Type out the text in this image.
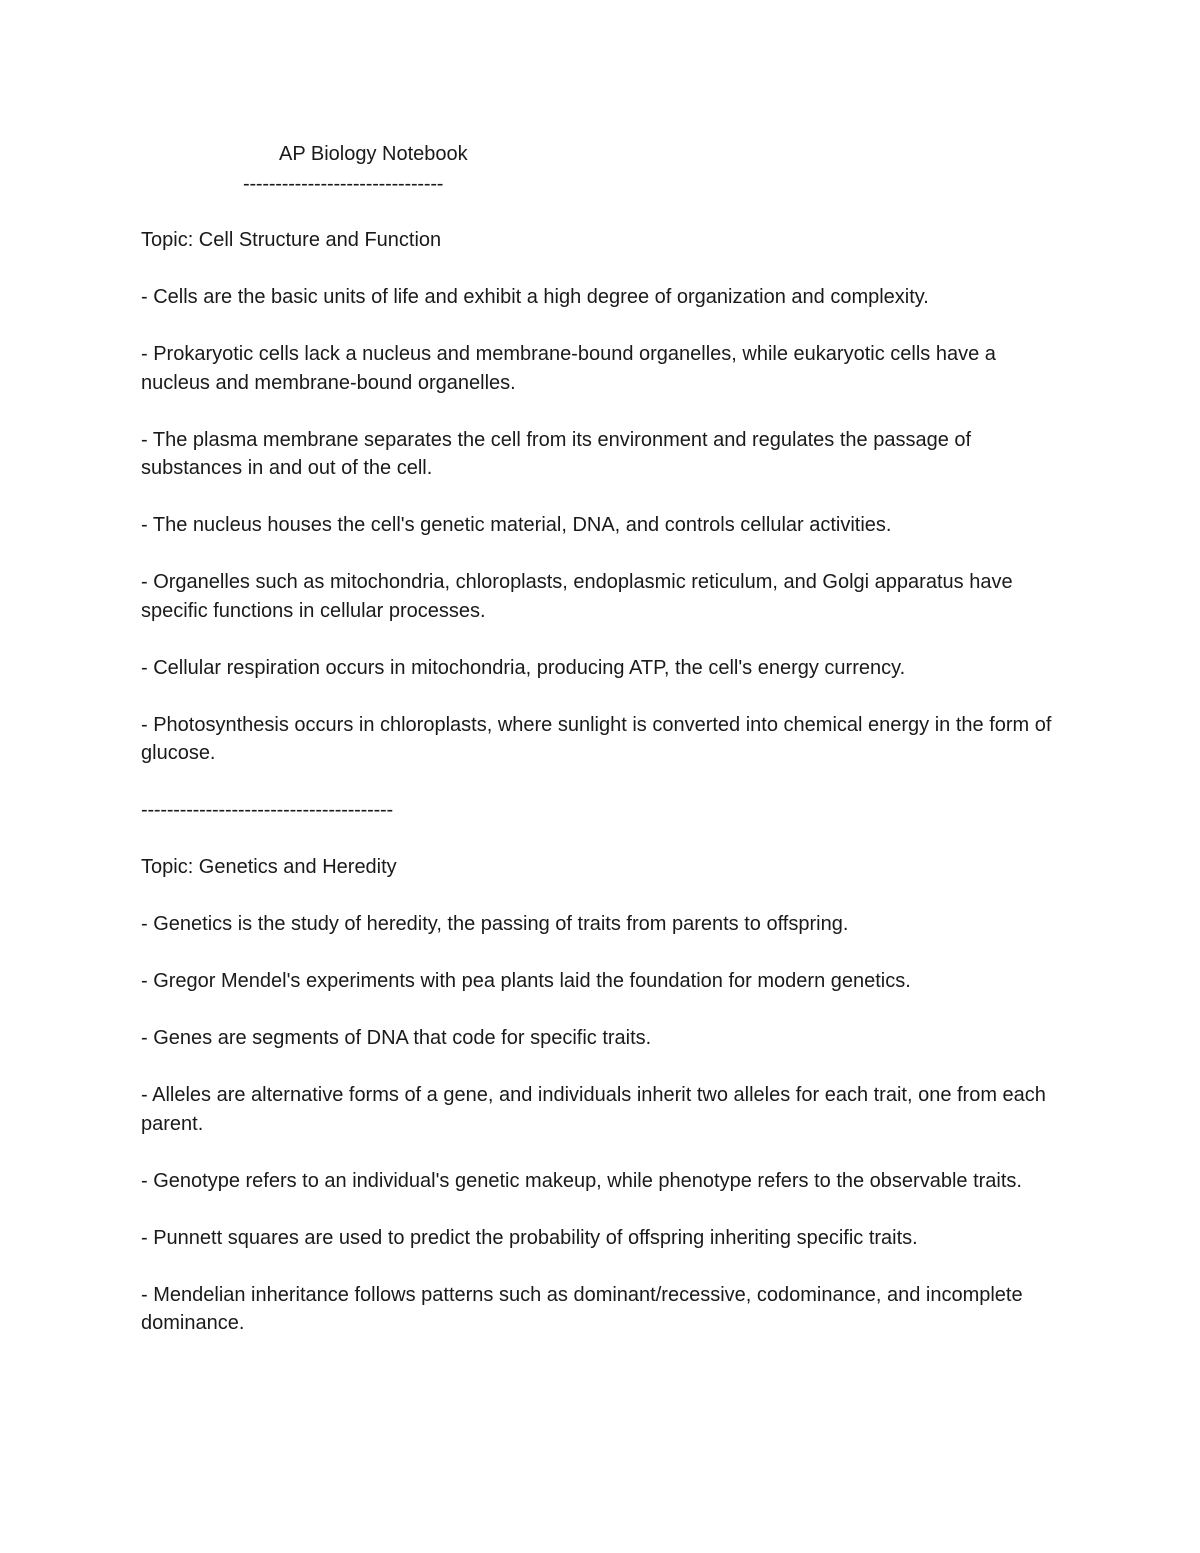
AP Biology Notebook
-------------------------------
Topic: Cell Structure and Function
- Cells are the basic units of life and exhibit a high degree of organization and complexity.
- Prokaryotic cells lack a nucleus and membrane-bound organelles, while eukaryotic cells have a nucleus and membrane-bound organelles.
- The plasma membrane separates the cell from its environment and regulates the passage of substances in and out of the cell.
- The nucleus houses the cell's genetic material, DNA, and controls cellular activities.
- Organelles such as mitochondria, chloroplasts, endoplasmic reticulum, and Golgi apparatus have specific functions in cellular processes.
- Cellular respiration occurs in mitochondria, producing ATP, the cell's energy currency.
- Photosynthesis occurs in chloroplasts, where sunlight is converted into chemical energy in the form of glucose.
---------------------------------------
Topic: Genetics and Heredity
- Genetics is the study of heredity, the passing of traits from parents to offspring.
- Gregor Mendel's experiments with pea plants laid the foundation for modern genetics.
- Genes are segments of DNA that code for specific traits.
- Alleles are alternative forms of a gene, and individuals inherit two alleles for each trait, one from each parent.
- Genotype refers to an individual's genetic makeup, while phenotype refers to the observable traits.
- Punnett squares are used to predict the probability of offspring inheriting specific traits.
- Mendelian inheritance follows patterns such as dominant/recessive, codominance, and incomplete dominance.
